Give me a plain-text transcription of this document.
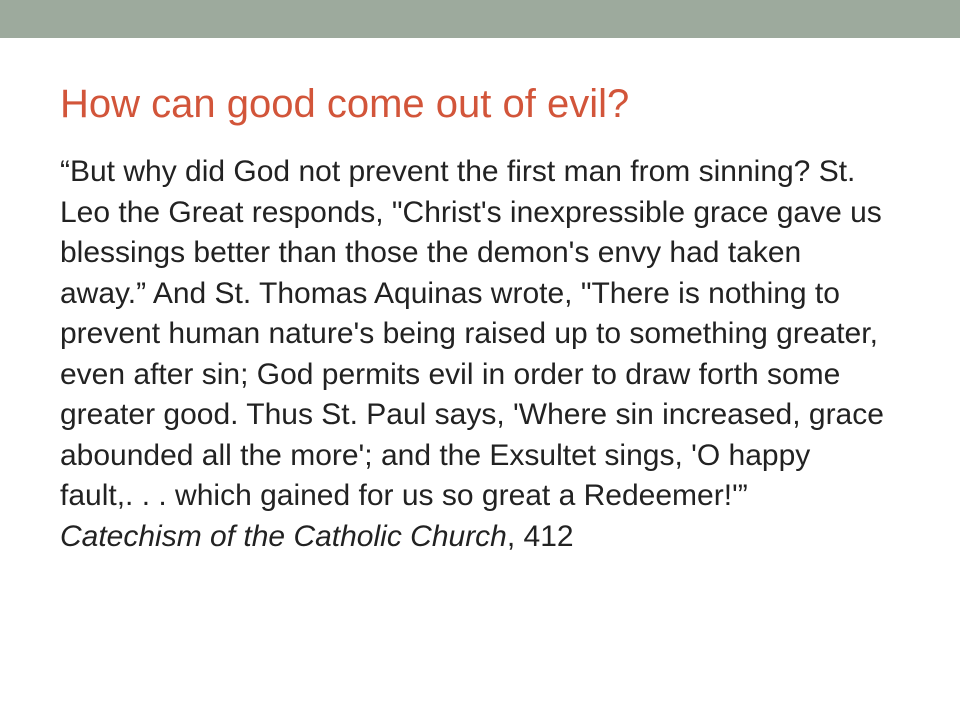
How can good come out of evil?

“But why did God not prevent the first man from sinning? St. Leo the Great responds, "Christ's inexpressible grace gave us blessings better than those the demon's envy had taken away.” And St. Thomas Aquinas wrote, "There is nothing to prevent human nature's being raised up to something greater, even after sin; God permits evil in order to draw forth some greater good. Thus St. Paul says, 'Where sin increased, grace abounded all the more'; and the Exsultet sings, 'O happy fault,. . . which gained for us so great a Redeemer!'” Catechism of the Catholic Church, 412
